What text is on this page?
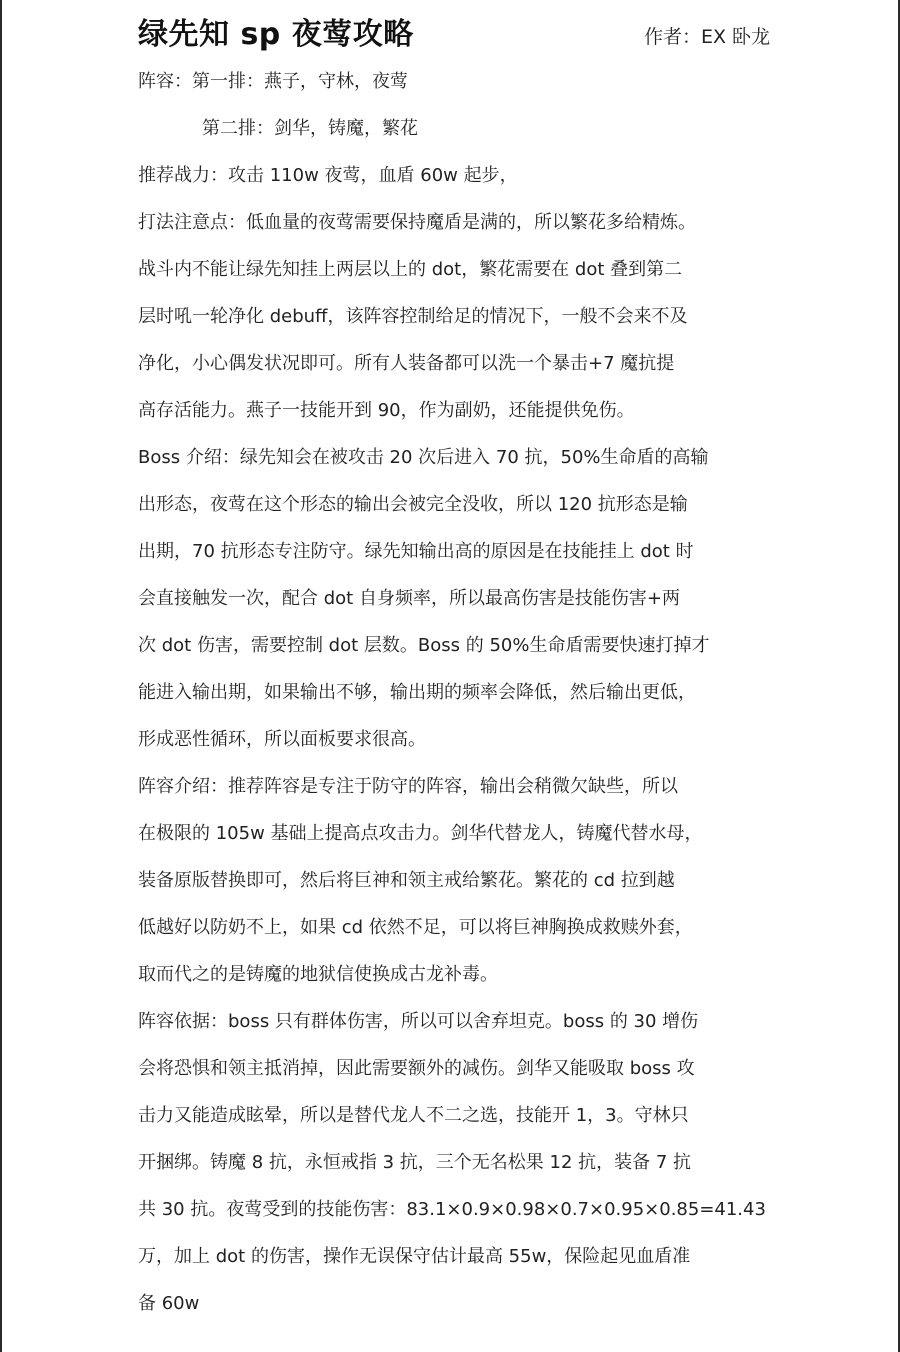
绿先知 sp 夜莺攻略	作者：EX 卧龙
阵容：第一排：燕子，守林，夜莺
第二排：剑华，铸魔，繁花
推荐战力：攻击 110w 夜莺，血盾 60w 起步，
打法注意点：低血量的夜莺需要保持魔盾是满的，所以繁花多给精炼。
战斗内不能让绿先知挂上两层以上的 dot，繁花需要在 dot 叠到第二
层时吼一轮净化 debuff，该阵容控制给足的情况下，一般不会来不及
净化，小心偶发状况即可。所有人装备都可以洗一个暴击+7 魔抗提
高存活能力。燕子一技能开到 90，作为副奶，还能提供免伤。
Boss 介绍：绿先知会在被攻击 20 次后进入 70 抗，50%生命盾的高输
出形态，夜莺在这个形态的输出会被完全没收，所以 120 抗形态是输
出期，70 抗形态专注防守。绿先知输出高的原因是在技能挂上 dot 时
会直接触发一次，配合 dot 自身频率，所以最高伤害是技能伤害+两
次 dot 伤害，需要控制 dot 层数。Boss 的 50%生命盾需要快速打掉才
能进入输出期，如果输出不够，输出期的频率会降低，然后输出更低，
形成恶性循环，所以面板要求很高。
阵容介绍：推荐阵容是专注于防守的阵容，输出会稍微欠缺些，所以
在极限的 105w 基础上提高点攻击力。剑华代替龙人，铸魔代替水母，
装备原版替换即可，然后将巨神和领主戒给繁花。繁花的 cd 拉到越
低越好以防奶不上，如果 cd 依然不足，可以将巨神胸换成救赎外套，
取而代之的是铸魔的地狱信使换成古龙补毒。
阵容依据：boss 只有群体伤害，所以可以舍弃坦克。boss 的 30 增伤
会将恐惧和领主抵消掉，因此需要额外的减伤。剑华又能吸取 boss 攻
击力又能造成眩晕，所以是替代龙人不二之选，技能开 1，3。守林只
开捆绑。铸魔 8 抗，永恒戒指 3 抗，三个无名松果 12 抗，装备 7 抗
共 30 抗。夜莺受到的技能伤害：83.1×0.9×0.98×0.7×0.95×0.85=41.43
万，加上 dot 的伤害，操作无误保守估计最高 55w，保险起见血盾准
备 60w
